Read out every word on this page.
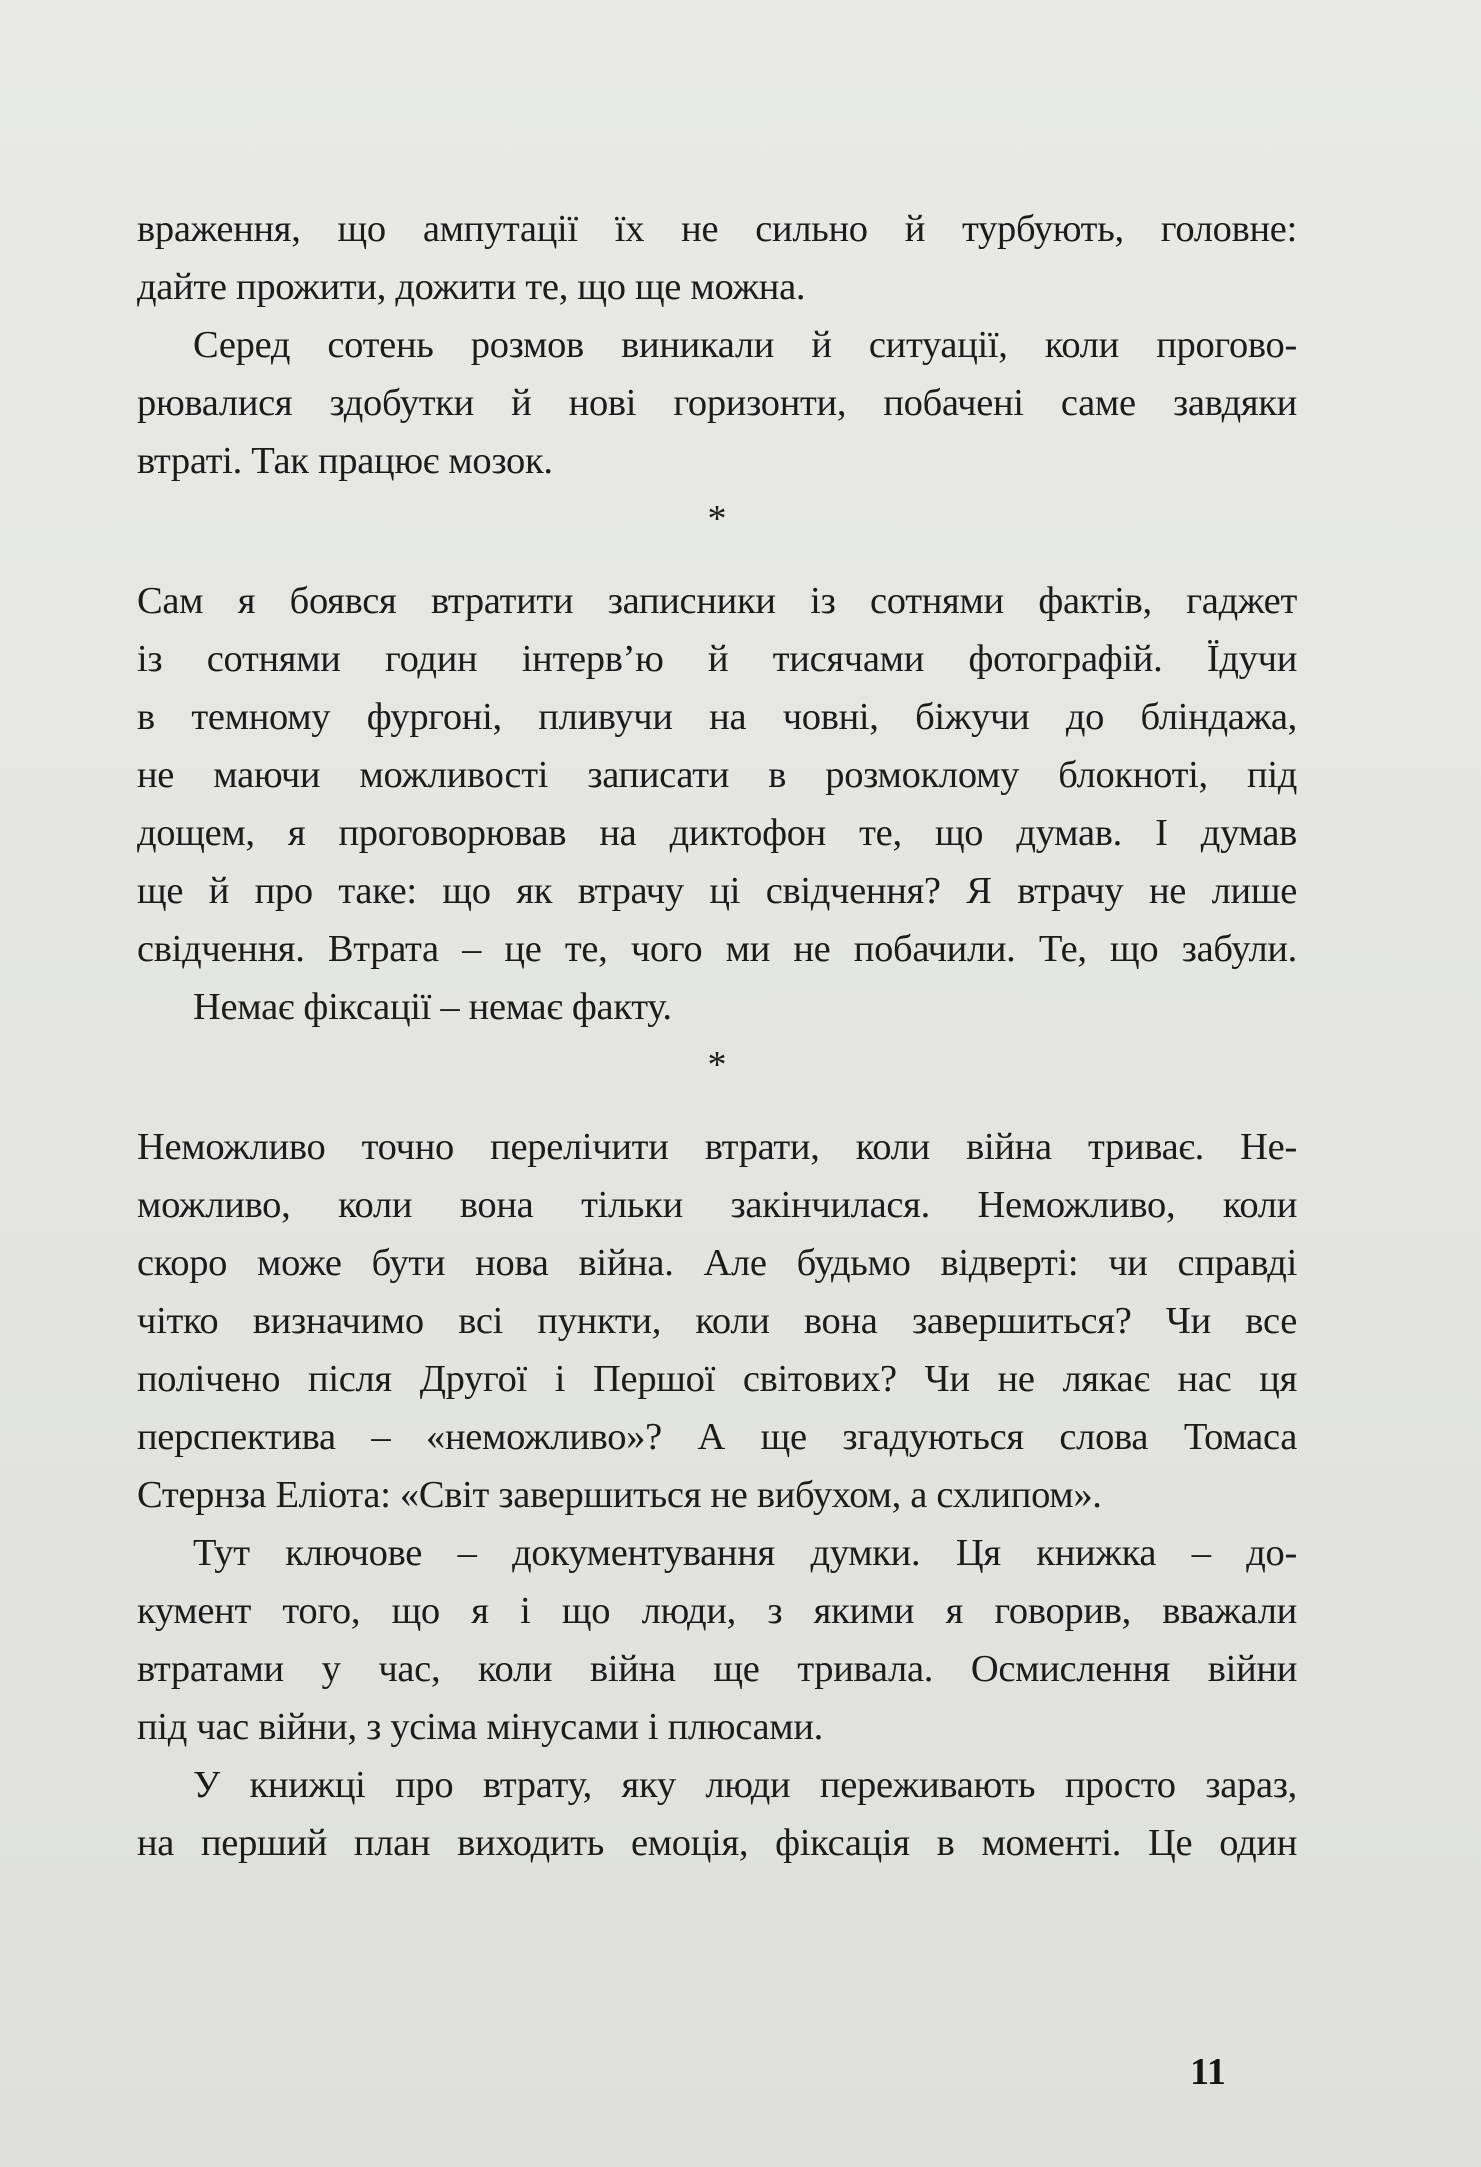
враження, що ампутації їх не сильно й турбують, головне:
дайте прожити, дожити те, що ще можна.
Серед сотень розмов виникали й ситуації, коли прогово-
рювалися здобутки й нові горизонти, побачені саме завдяки
втраті. Так працює мозок.
*
Сам я боявся втратити записники із сотнями фактів, гаджет
із сотнями годин інтерв’ю й тисячами фотографій. Їдучи
в темному фургоні, пливучи на човні, біжучи до бліндажа,
не маючи можливості записати в розмоклому блокноті, під
дощем, я проговорював на диктофон те, що думав. І думав
ще й про таке: що як втрачу ці свідчення? Я втрачу не лише
свідчення. Втрата – це те, чого ми не побачили. Те, що забули.
Немає фіксації – немає факту.
*
Неможливо точно перелічити втрати, коли війна триває. Не-
можливо, коли вона тільки закінчилася. Неможливо, коли
скоро може бути нова війна. Але будьмо відверті: чи справді
чітко визначимо всі пункти, коли вона завершиться? Чи все
полічено після Другої і Першої світових? Чи не лякає нас ця
перспектива – «неможливо»? А ще згадуються слова Томаса
Стернза Еліота: «Світ завершиться не вибухом, а схлипом».
Тут ключове – документування думки. Ця книжка – до-
кумент того, що я і що люди, з якими я говорив, вважали
втратами у час, коли війна ще тривала. Осмислення війни
під час війни, з усіма мінусами і плюсами.
У книжці про втрату, яку люди переживають просто зараз,
на перший план виходить емоція, фіксація в моменті. Це один
11
